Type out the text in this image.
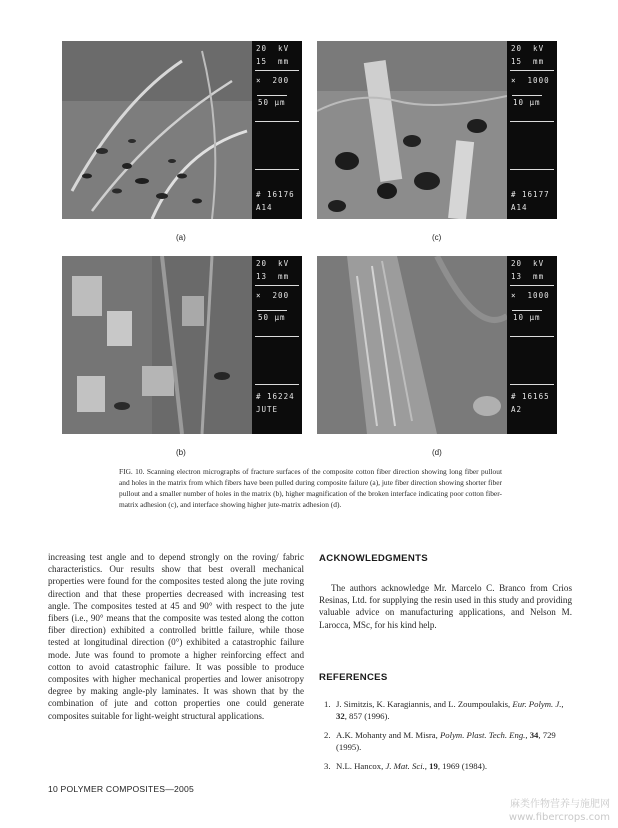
20  kV
15  mm
×  200
50 μm
# 16176
A14
(a)
20  kV
15  mm
×  1000
10 μm
# 16177
A14
(c)
20  kV
13  mm
×  200
50 μm
# 16224
JUTE
(b)
20  kV
13  mm
×  1000
10 μm
# 16165
A2
(d)

FIG. 10. Scanning electron micrographs of fracture surfaces of the composite cotton fiber direction showing long fiber pullout and holes in the matrix from which fibers have been pulled during composite failure (a), jute fiber direction showing shorter fiber pullout and a smaller number of holes in the matrix (b), higher magnification of the broken interface indicating poor cotton fiber-matrix adhesion (c), and interface showing higher jute-matrix adhesion (d).

increasing test angle and to depend strongly on the roving/ fabric characteristics. Our results show that best overall mechanical properties were found for the composites tested along the jute roving direction and that these properties decreased with increasing test angle. The composites tested at 45 and 90° with respect to the jute fibers (i.e., 90° means that the composite was tested along the cotton fiber direction) exhibited a controlled brittle failure, while those tested at longitudinal direction (0°) exhibited a catastrophic failure mode. Jute was found to promote a higher reinforcing effect and cotton to avoid catastrophic failure. It was possible to produce composites with higher mechanical properties and lower anisotropy degree by making angle-ply laminates. It was shown that by the combination of jute and cotton properties one could generate composites suitable for light-weight structural applications.

ACKNOWLEDGMENTS

The authors acknowledge Mr. Marcelo C. Branco from Crios Resinas, Ltd. for supplying the resin used in this study and providing valuable advice on manufacturing applications, and Nelson M. Larocca, MSc, for his kind help.

REFERENCES
1. J. Simitzis, K. Karagiannis, and L. Zoumpoulakis, Eur. Polym. J., 32, 857 (1996).
2. A.K. Mohanty and M. Misra, Polym. Plast. Tech. Eng., 34, 729 (1995).
3. N.L. Hancox, J. Mat. Sci., 19, 1969 (1984).
10 POLYMER COMPOSITES—2005
麻类作物营养与施肥网
www.fibercrops.com
